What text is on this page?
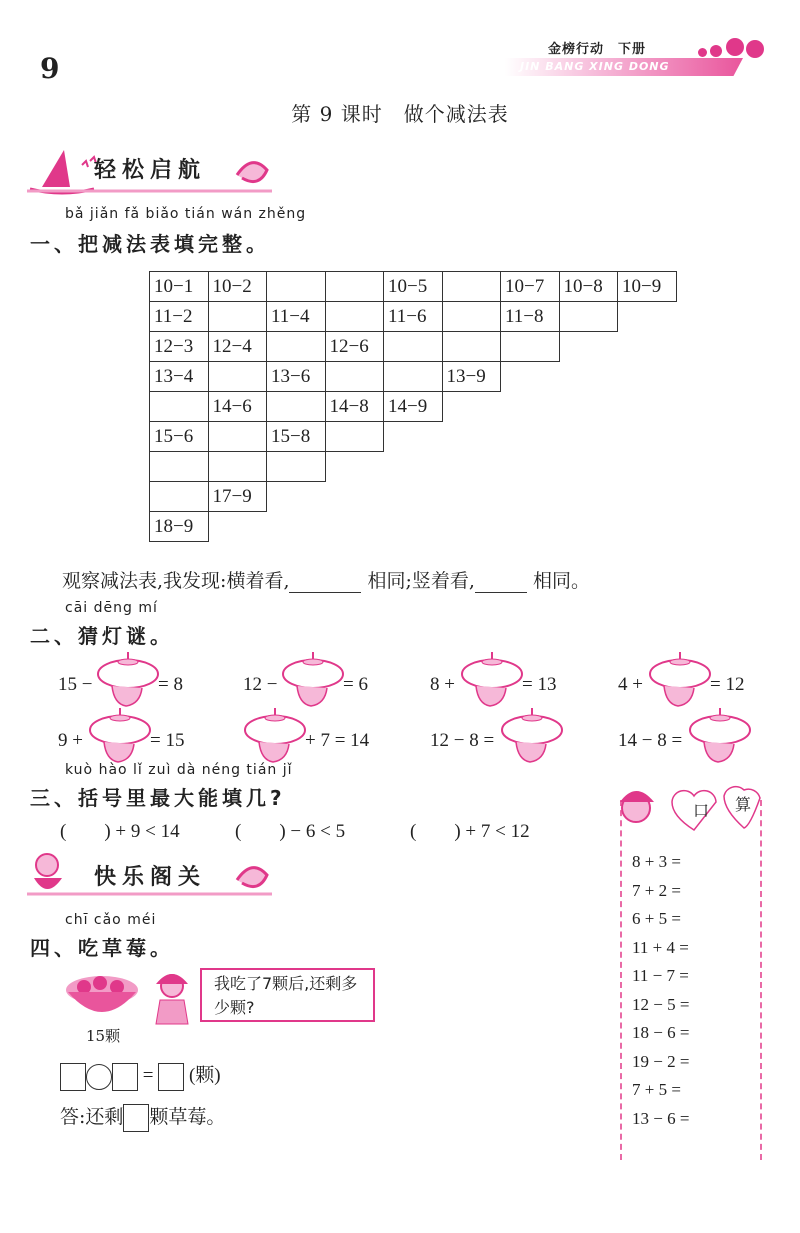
9
金榜行动　下册
JIN BANG XING DONG
第 9 课时　做个减法表
轻松启航
bǎ jiǎn fǎ biǎo tián wán zhěng
一、把减法表填完整。
10−1	10−2			10−5		10−7	10−8	10−9
11−2		11−4		11−6		11−8		
12−3	12−4		12−6					
13−4		13−6			13−9			
	14−6		14−8	14−9				
15−6		15−8						

	17−9							
18−9								
观察减法表,我发现:横着看,	相同;竖着看,	相同。
cāi dēng mí
二、猜灯谜。
15 −	= 8	12 −	= 6	8 +	= 13	4 +	= 12
9 +	= 15	+ 7 = 14	12 − 8 =	14 − 8 =
kuò hào lǐ zuì dà néng tián jǐ
三、括号里最大能填几?
(　　) + 9 < 14	(　　) − 6 < 5	(　　) + 7 < 12
快乐阁关
chī cǎo méi
四、吃草莓。
15颗
我吃了7颗后,还剩多少颗?
= (颗)
答:还剩 颗草莓。
口 算
8 + 3 =
7 + 2 =
6 + 5 =
11 + 4 =
11 − 7 =
12 − 5 =
18 − 6 =
19 − 2 =
7 + 5 =
13 − 6 =
